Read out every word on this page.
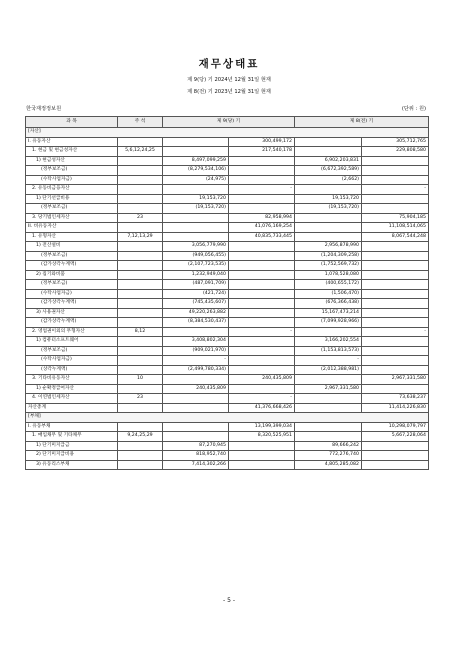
재무상태표
제 9(당) 기 2024년 12월 31일 현재
제 8(전) 기 2023년 12월 31일 현재
한국재정정보원	(단위 : 원)
과 목	주 석	제 9(당) 기		제 8(전) 기	
[자산]					
I. 유동자산			300,499,172		305,712,765
1. 현금 및 현금성자산	5,6,12,24,25		217,540,178		229,808,580
1) 현금성자산		8,497,099,259		6,902,203,831	
(정부보조금)		(8,279,534,106)		(6,672,392,589)	
(수탁사업자금)		(24,975)		(2,662)	
2. 유동비금융자산			-		-
1) 단기선급비용		19,153,720		19,153,720	
(정부보조금)		(19,153,720)		(19,153,720)	
3. 당기법인세자산	23		82,958,994		75,904,185
II. 비유동자산			41,076,169,254		11,108,514,065
1. 유형자산	7,12,13,29		40,835,733,445		8,067,544,248
1) 전산설비		3,056,779,990		2,956,878,990	
(정부보조금)		(949,056,455)		(1,204,309,258)	
(감가상각누계액)		(2,107,723,535)		(1,752,569,732)	
2) 집기와비품		1,232,949,040		1,078,528,080	
(정부보조금)		(487,091,709)		(400,655,172)	
(수탁사업자금)		(421,724)		(1,506,470)	
(감가상각누계액)		(745,435,607)		(676,366,438)	
3) 사용권자산		49,220,263,882		15,167,473,214	
(감가상각누계액)		(8,384,530,437)		(7,099,928,966)	
2. 영업권이외의 무형자산	8,12		-		-
1) 컴퓨터소프트웨어		3,408,802,304		3,166,202,554	
(정부보조금)		(909,021,970)		(1,153,813,573)	
(수탁사업자금)		-		-	
(상각누계액)		(2,499,780,334)		(2,012,388,981)	
3. 기타비유동자산	10		240,435,809		2,967,331,580
1) 순확정급여자산		240,435,809		2,967,331,580	
4. 이연법인세자산	23		-		73,638,237
자산총계			41,376,668,426		11,414,226,830
[부채]					
I. 유동부채			13,199,399,034		10,298,079,797
1. 매입채무 및 기타채무	9,24,25,29		8,320,525,951		5,667,228,064
1) 단기미지급금		87,270,945		89,666,242	
2) 단기미지급비용		818,952,740		772,276,740	
3) 유동리스부채		7,414,302,266		4,805,285,082	
- 5 -
